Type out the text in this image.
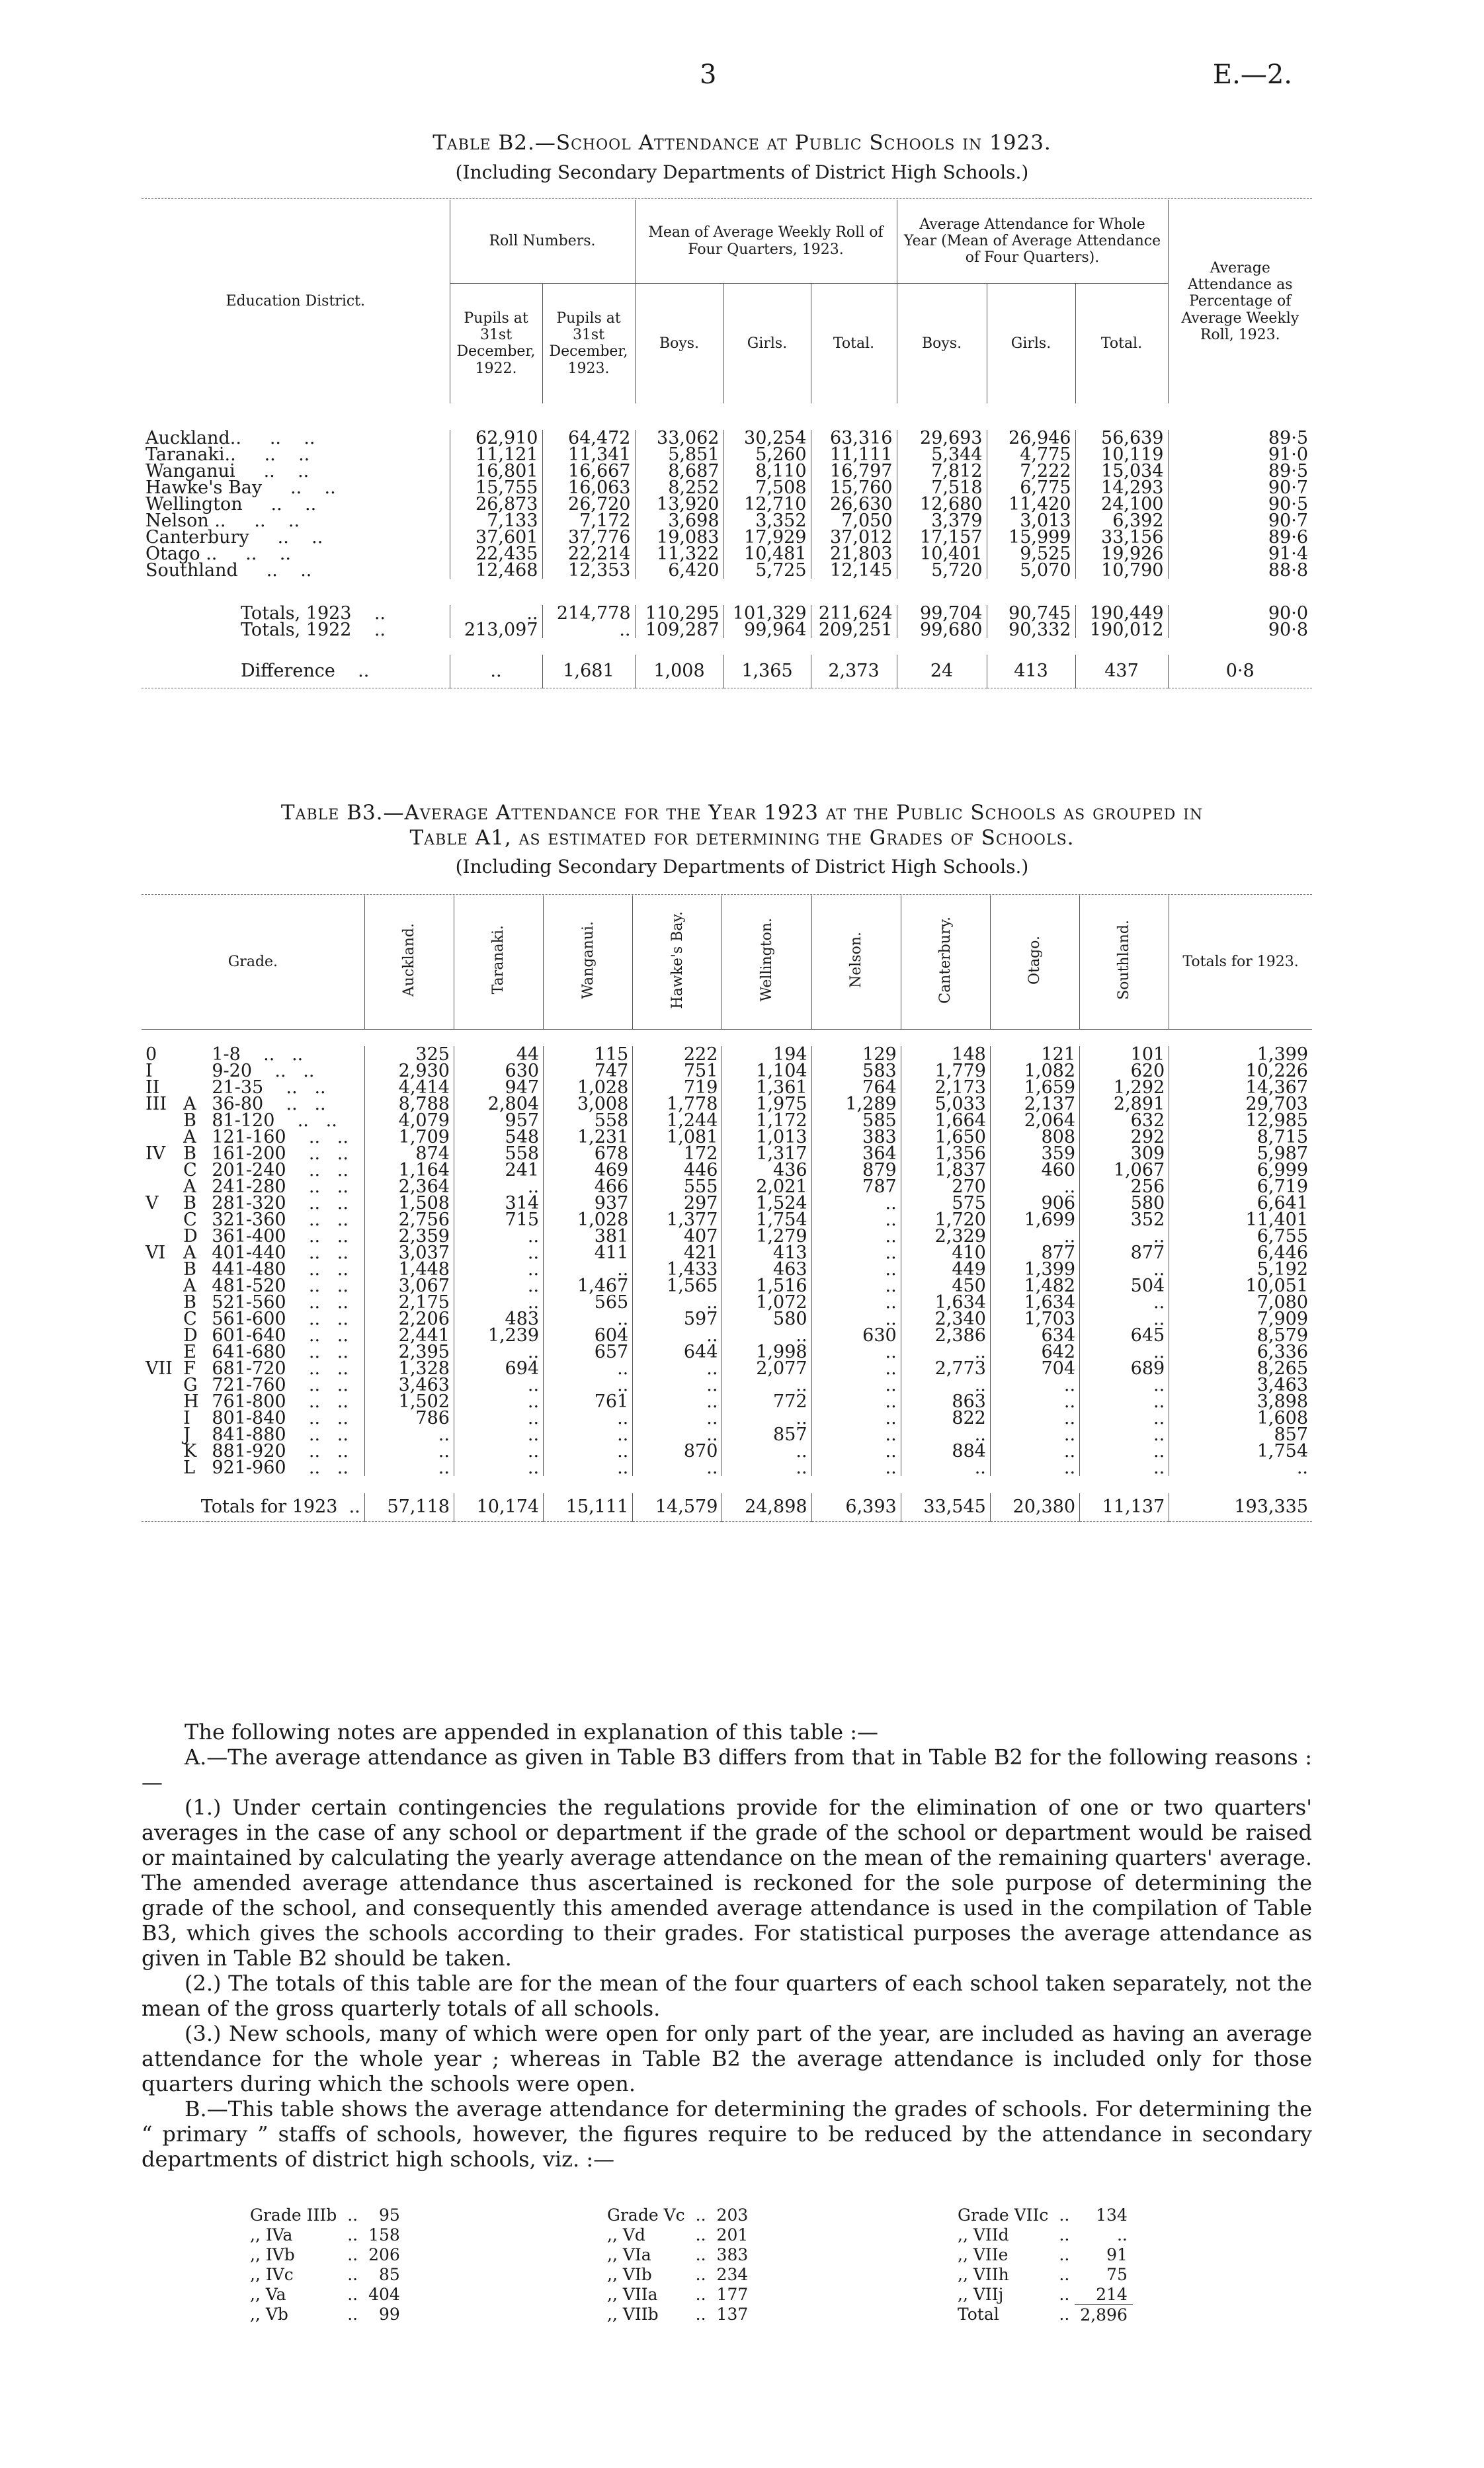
3	E.—2.
Table B2.—School Attendance at Public Schools in 1923.
(Including Secondary Departments of District High Schools.)
Education District.	Roll Numbers.		Mean of Average Weekly Roll of Four Quarters, 1923.			Average Attendance for Whole Year (Mean of Average Attendance of Four Quarters).			Average Attendance as Percentage of Average Weekly Roll, 1923.
	Pupils at 31st December, 1922.	Pupils at 31st December, 1923.	Boys.	Girls.	Total.	Boys.	Girls.	Total.	

Auckland..     ..    ..	62,910	64,472	33,062	30,254	63,316	29,693	26,946	56,639	89·5
Taranaki..     ..    ..	11,121	11,341	5,851	5,260	11,111	5,344	4,775	10,119	91·0
Wanganui     ..    ..	16,801	16,667	8,687	8,110	16,797	7,812	7,222	15,034	89·5
Hawke's Bay     ..    ..	15,755	16,063	8,252	7,508	15,760	7,518	6,775	14,293	90·7
Wellington     ..    ..	26,873	26,720	13,920	12,710	26,630	12,680	11,420	24,100	90·5
Nelson ..     ..    ..	7,133	7,172	3,698	3,352	7,050	3,379	3,013	6,392	90·7
Canterbury     ..    ..	37,601	37,776	19,083	17,929	37,012	17,157	15,999	33,156	89·6
Otago ..     ..    ..	22,435	22,214	11,322	10,481	21,803	10,401	9,525	19,926	91·4
Southland     ..    ..	12,468	12,353	6,420	5,725	12,145	5,720	5,070	10,790	88·8

Totals, 1923    ..	..	214,778	110,295	101,329	211,624	99,704	90,745	190,449	90·0
Totals, 1922    ..	213,097	..	109,287	99,964	209,251	99,680	90,332	190,012	90·8

Difference    ..	..	1,681	1,008	1,365	2,373	24	413	437	0·8
Table B3.—Average Attendance for the Year 1923 at the Public Schools as grouped in
Table A1, as estimated for determining the Grades of Schools.
(Including Secondary Departments of District High Schools.)
Grade.			Auckland.	Taranaki.	Wanganui.	Hawke's Bay.	Wellington.	Nelson.	Canterbury.	Otago.	Southland.	Totals for 1923.

0		1-8    ..   ..	325	44	115	222	194	129	148	121	101	1,399
I		9-20    ..   ..	2,930	630	747	751	1,104	583	1,779	1,082	620	10,226
II		21-35    ..   ..	4,414	947	1,028	719	1,361	764	2,173	1,659	1,292	14,367
III	A	36-80    ..   ..	8,788	2,804	3,008	1,778	1,975	1,289	5,033	2,137	2,891	29,703
	B	81-120    ..   ..	4,079	957	558	1,244	1,172	585	1,664	2,064	632	12,985
	A	121-160    ..   ..	1,709	548	1,231	1,081	1,013	383	1,650	808	292	8,715
IV	B	161-200    ..   ..	874	558	678	172	1,317	364	1,356	359	309	5,987
	C	201-240    ..   ..	1,164	241	469	446	436	879	1,837	460	1,067	6,999
	A	241-280    ..   ..	2,364	..	466	555	2,021	787	270	..	256	6,719
V	B	281-320    ..   ..	1,508	314	937	297	1,524	..	575	906	580	6,641
	C	321-360    ..   ..	2,756	715	1,028	1,377	1,754	..	1,720	1,699	352	11,401
	D	361-400    ..   ..	2,359	..	381	407	1,279	..	2,329	..	..	6,755
VI	A	401-440    ..   ..	3,037	..	411	421	413	..	410	877	877	6,446
	B	441-480    ..   ..	1,448	..	..	1,433	463	..	449	1,399	..	5,192
	A	481-520    ..   ..	3,067	..	1,467	1,565	1,516	..	450	1,482	504	10,051
	B	521-560    ..   ..	2,175	..	565	..	1,072	..	1,634	1,634	..	7,080
	C	561-600    ..   ..	2,206	483	..	597	580	..	2,340	1,703	..	7,909
	D	601-640    ..   ..	2,441	1,239	604	..	..	630	2,386	634	645	8,579
	E	641-680    ..   ..	2,395	..	657	644	1,998	..	..	642	..	6,336
VII	F	681-720    ..   ..	1,328	694	..	..	2,077	..	2,773	704	689	8,265
	G	721-760    ..   ..	3,463	..	..	..	..	..	..	..	..	3,463
	H	761-800    ..   ..	1,502	..	761	..	772	..	863	..	..	3,898
	I	801-840    ..   ..	786	..	..	..	..	..	822	..	..	1,608
	J	841-880    ..   ..	..	..	..	..	857	..	..	..	..	857
	K	881-920    ..   ..	..	..	..	870	..	..	884	..	..	1,754
	L	921-960    ..   ..	..	..	..	..	..	..	..	..	..	..

Totals for 1923  ..			57,118	10,174	15,111	14,579	24,898	6,393	33,545	20,380	11,137	193,335

The following notes are appended in explanation of this table :—

A.—The average attendance as given in Table B3 differs from that in Table B2 for the following reasons :—

(1.) Under certain contingencies the regulations provide for the elimination of one or two quarters' averages in the case of any school or department if the grade of the school or department would be raised or maintained by calculating the yearly average attendance on the mean of the remaining quarters' average. The amended average attendance thus ascertained is reckoned for the sole purpose of determining the grade of the school, and consequently this amended average attendance is used in the compilation of Table B3, which gives the schools according to their grades. For statistical purposes the average attendance as given in Table B2 should be taken.

(2.) The totals of this table are for the mean of the four quarters of each school taken separately, not the mean of the gross quarterly totals of all schools.

(3.) New schools, many of which were open for only part of the year, are included as having an average attendance for the whole year ; whereas in Table B2 the average attendance is included only for those quarters during which the schools were open.

B.—This table shows the average attendance for determining the grades of schools. For determining the “ primary ” staffs of schools, however, the figures require to be reduced by the attendance in secondary departments of district high schools, viz. :—

Grade IIIb	..	95
,, IVa	..	158
,, IVb	..	206
,, IVc	..	85
,, Va	..	404
,, Vb	..	99
Grade Vc	..	203
,, Vd	..	201
,, VIa	..	383
,, VIb	..	234
,, VIIa	..	177
,, VIIb	..	137
Grade VIIc	..	134
,, VIId	..	..
,, VIIe	..	91
,, VIIh	..	75
,, VIIj	..	214
Total	..	2,896
